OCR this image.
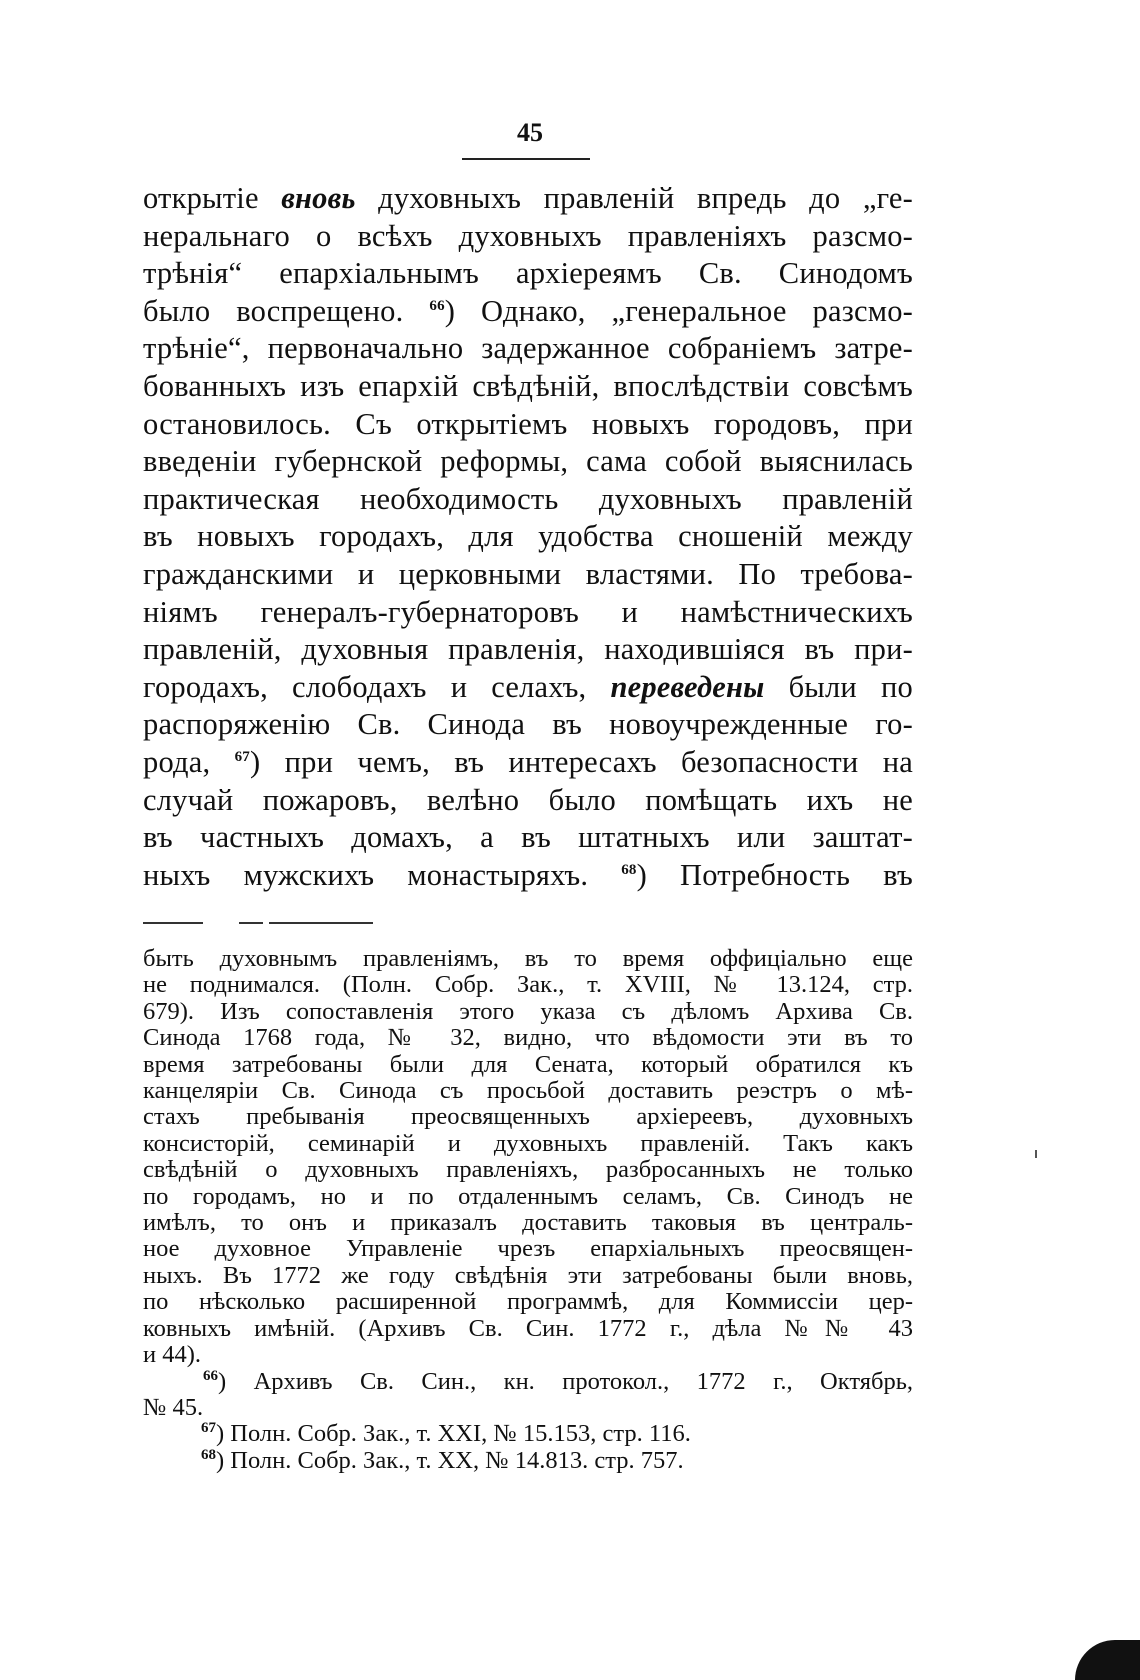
45
открытіе вновь духовныхъ правленій впредь до „ге-
неральнаго о всѣхъ духовныхъ правленіяхъ разсмо-
трѣнія“ епархіальнымъ архіереямъ Св. Синодомъ
было воспрещено. $^{66}$) Однако, „генеральное разсмо-
трѣніе“, первоначально задержанное собраніемъ затре-
бованныхъ изъ епархій свѣдѣній, впослѣдствіи совсѣмъ
остановилось. Съ открытіемъ новыхъ городовъ, при
введеніи губернской реформы, сама собой выяснилась
практическая необходимость духовныхъ правленій
въ новыхъ городахъ, для удобства сношеній между
гражданскими и церковными властями. По требова-
ніямъ генералъ-губернаторовъ и намѣстническихъ
правленій, духовныя правленія, находившіяся въ при-
городахъ, слободахъ и селахъ, переведены были по
распоряженію Св. Синода въ новоучрежденные го-
рода, $^{67}$) при чемъ, въ интересахъ безопасности на
случай пожаровъ, велѣно было помѣщать ихъ не
въ частныхъ домахъ, а въ штатныхъ или заштат-
ныхъ мужскихъ монастыряхъ. $^{68}$) Потребность въ
быть духовнымъ правленіямъ, въ то время оффиціально еще
не поднимался. (Полн. Собр. Зак., т. XVIII, № 13.124, стр.
679). Изъ сопоставленія этого указа съ дѣломъ Архива Св.
Синода 1768 года, № 32, видно, что вѣдомости эти въ то
время затребованы были для Сената, который обратился къ
канцеляріи Св. Синода съ просьбой доставить реэстръ о мѣ-
стахъ пребыванія преосвященныхъ архіереевъ, духовныхъ
консисторій, семинарій и духовныхъ правленій. Такъ какъ
свѣдѣній о духовныхъ правленіяхъ, разбросанныхъ не только
по городамъ, но и по отдаленнымъ селамъ, Св. Синодъ не
имѣлъ, то онъ и приказалъ доставить таковыя въ централь-
ное духовное Управленіе чрезъ епархіальныхъ преосвящен-
ныхъ. Въ 1772 же году свѣдѣнія эти затребованы были вновь,
по нѣсколько расширенной программѣ, для Коммиссіи цер-
ковныхъ имѣній. (Архивъ Св. Син. 1772 г., дѣла №№ 43
и 44).
$^{66}$) Архивъ Св. Син., кн. протокол., 1772 г., Октябрь,
№ 45.
$^{67}$) Полн. Собр. Зак., т. XXI, № 15.153, стр. 116.
$^{68}$) Полн. Собр. Зак., т. XX, № 14.813. стр. 757.
